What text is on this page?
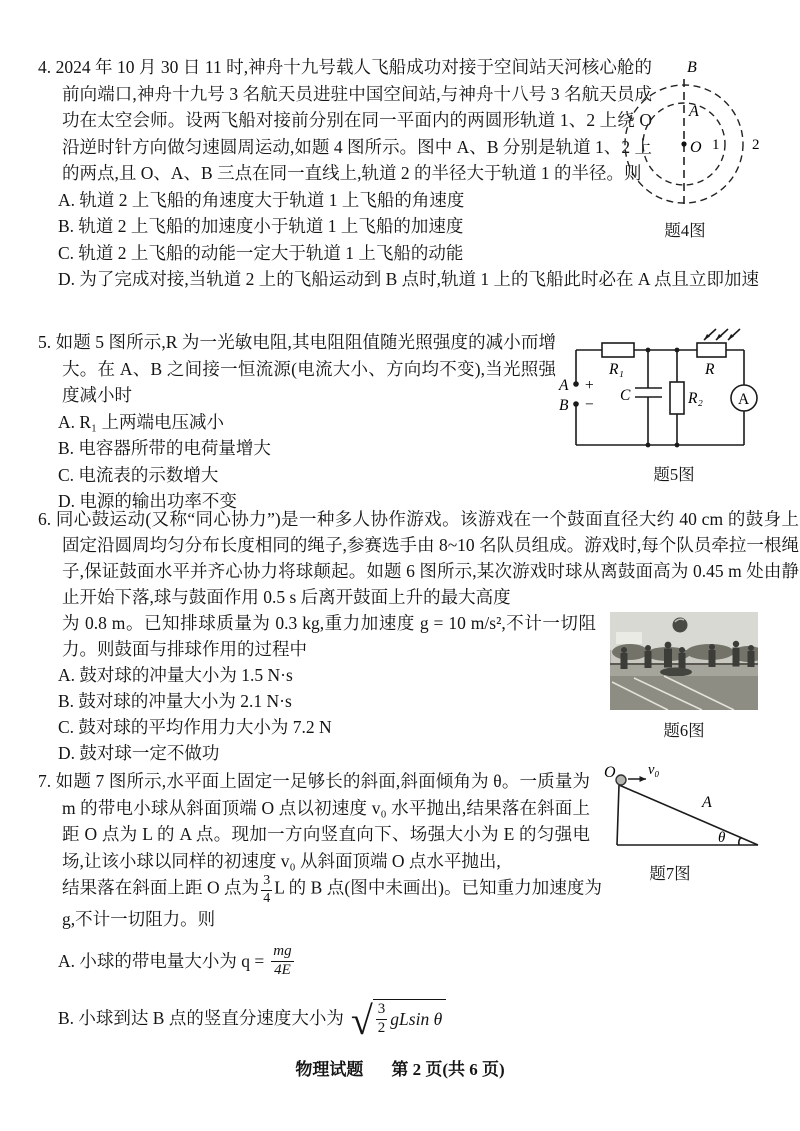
4. 2024 年 10 月 30 日 11 时,神舟十九号载人飞船成功对接于空间站天河核心舱的前向端口,神舟十九号 3 名航天员进驻中国空间站,与神舟十八号 3 名航天员成功在太空会师。设两飞船对接前分别在同一平面内的两圆形轨道 1、2 上绕 O 沿逆时针方向做匀速圆周运动,如题 4 图所示。图中 A、B 分别是轨道 1、2 上的两点,且 O、A、B 三点在同一直线上,轨道 2 的半径大于轨道 1 的半径。则

A. 轨道 2 上飞船的角速度大于轨道 1 上飞船的角速度
B. 轨道 2 上飞船的加速度小于轨道 1 上飞船的加速度
C. 轨道 2 上飞船的动能一定大于轨道 1 上飞船的动能
D. 为了完成对接,当轨道 2 上的飞船运动到 B 点时,轨道 1 上的飞船此时必在 A 点且立即加速
B
A
O 1 2
题4图

5. 如题 5 图所示,R 为一光敏电阻,其电阻阻值随光照强度的减小而增大。在 A、B 之间接一恒流源(电流大小、方向均不变),当光照强度减小时

A. R₁ 上两端电压减小
B. 电容器所带的电荷量增大
C. 电流表的示数增大
D. 电源的输出功率不变
R₁	R
C	R₂ A
A +
B −
题5图

6. 同心鼓运动(又称“同心协力”)是一种多人协作游戏。该游戏在一个鼓面直径大约 40 cm 的鼓身上固定沿圆周均匀分布长度相同的绳子,参赛选手由 8~10 名队员组成。游戏时,每个队员牵拉一根绳子,保证鼓面水平并齐心协力将球颠起。如题 6 图所示,某次游戏时球从离鼓面高为 0.45 m 处由静止开始下落,球与鼓面作用 0.5 s 后离开鼓面上升的最大高度

为 0.8 m。已知排球质量为 0.3 kg,重力加速度 g = 10 m/s²,不计一切阻力。则鼓面与排球作用的过程中

A. 鼓对球的冲量大小为 1.5 N·s
B. 鼓对球的冲量大小为 2.1 N·s
C. 鼓对球的平均作用力大小为 7.2 N
D. 鼓对球一定不做功
题6图

7. 如题 7 图所示,水平面上固定一足够长的斜面,斜面倾角为 θ。一质量为 m 的带电小球从斜面顶端 O 点以初速度 v₀ 水平抛出,结果落在斜面上距 O 点为 L 的 A 点。现加一方向竖直向下、场强大小为 E 的匀强电场,让该小球以同样的初速度 v₀ 从斜面顶端 O 点水平抛出,

结果落在斜面上距 O 点为 $\frac{3}{4}$ L 的 B 点(图中未画出)。已知重力加速度为 g,不计一切阻力。则

A. 小球的带电量大小为 $q = \frac{mg}{4E}$
B. 小球到达 B 点的竖直分速度大小为 √ $\frac{3}{2}$ gLsin θ
O v₀
A
θ
题7图
物理试题 第 2 页(共 6 页)
